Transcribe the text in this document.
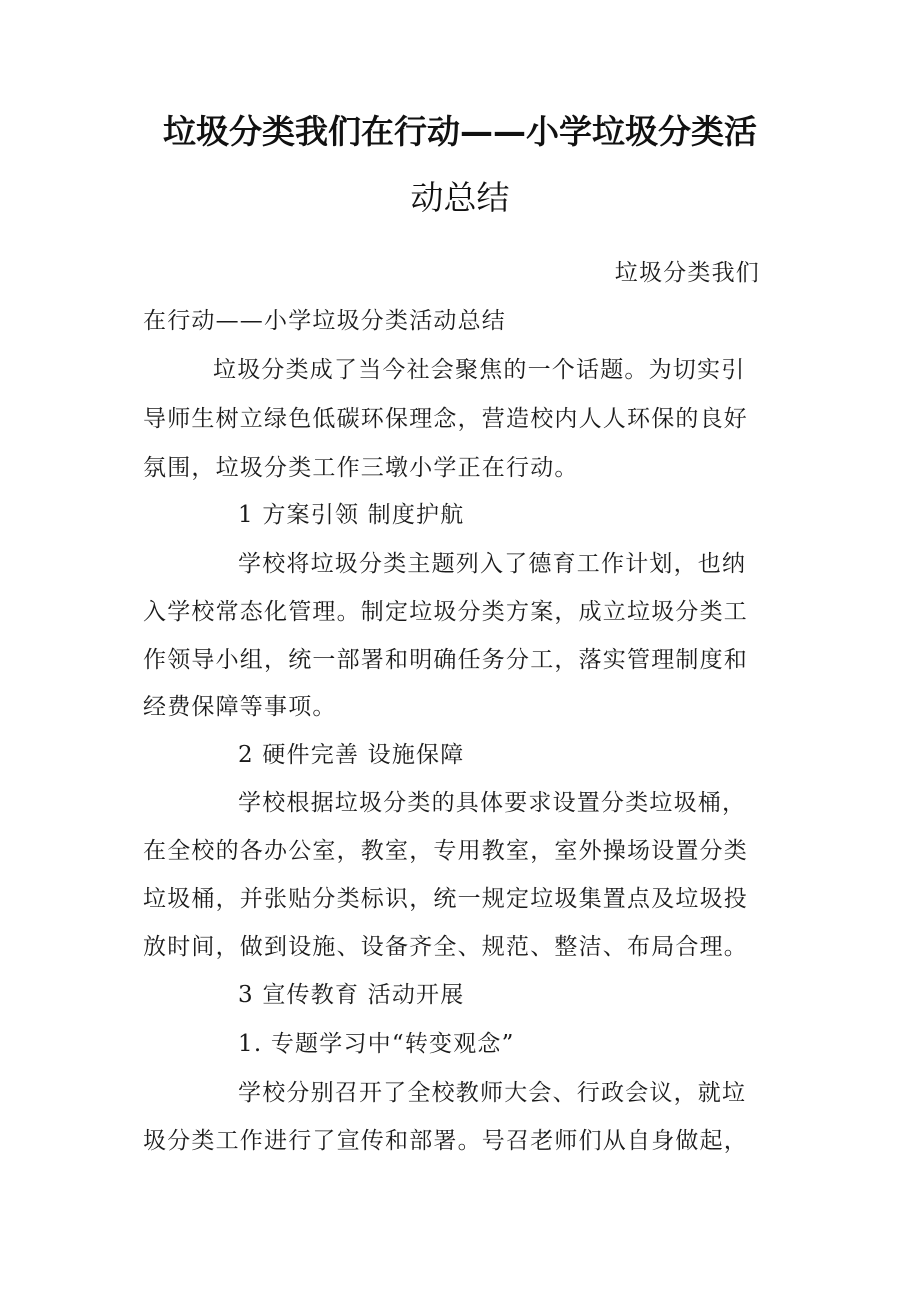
垃圾分类我们在行动——小学垃圾分类活
动总结
垃圾分类我们
在行动——小学垃圾分类活动总结
垃圾分类成了当今社会聚焦的一个话题。为切实引
导师生树立绿色低碳环保理念，营造校内人人环保的良好
氛围，垃圾分类工作三墩小学正在行动。
1 方案引领 制度护航
学校将垃圾分类主题列入了德育工作计划，也纳
入学校常态化管理。制定垃圾分类方案，成立垃圾分类工
作领导小组，统一部署和明确任务分工，落实管理制度和
经费保障等事项。
2 硬件完善 设施保障
学校根据垃圾分类的具体要求设置分类垃圾桶，
在全校的各办公室，教室，专用教室，室外操场设置分类
垃圾桶，并张贴分类标识，统一规定垃圾集置点及垃圾投
放时间，做到设施、设备齐全、规范、整洁、布局合理。
3 宣传教育 活动开展
1. 专题学习中“转变观念”
学校分别召开了全校教师大会、行政会议，就垃
圾分类工作进行了宣传和部署。号召老师们从自身做起，
